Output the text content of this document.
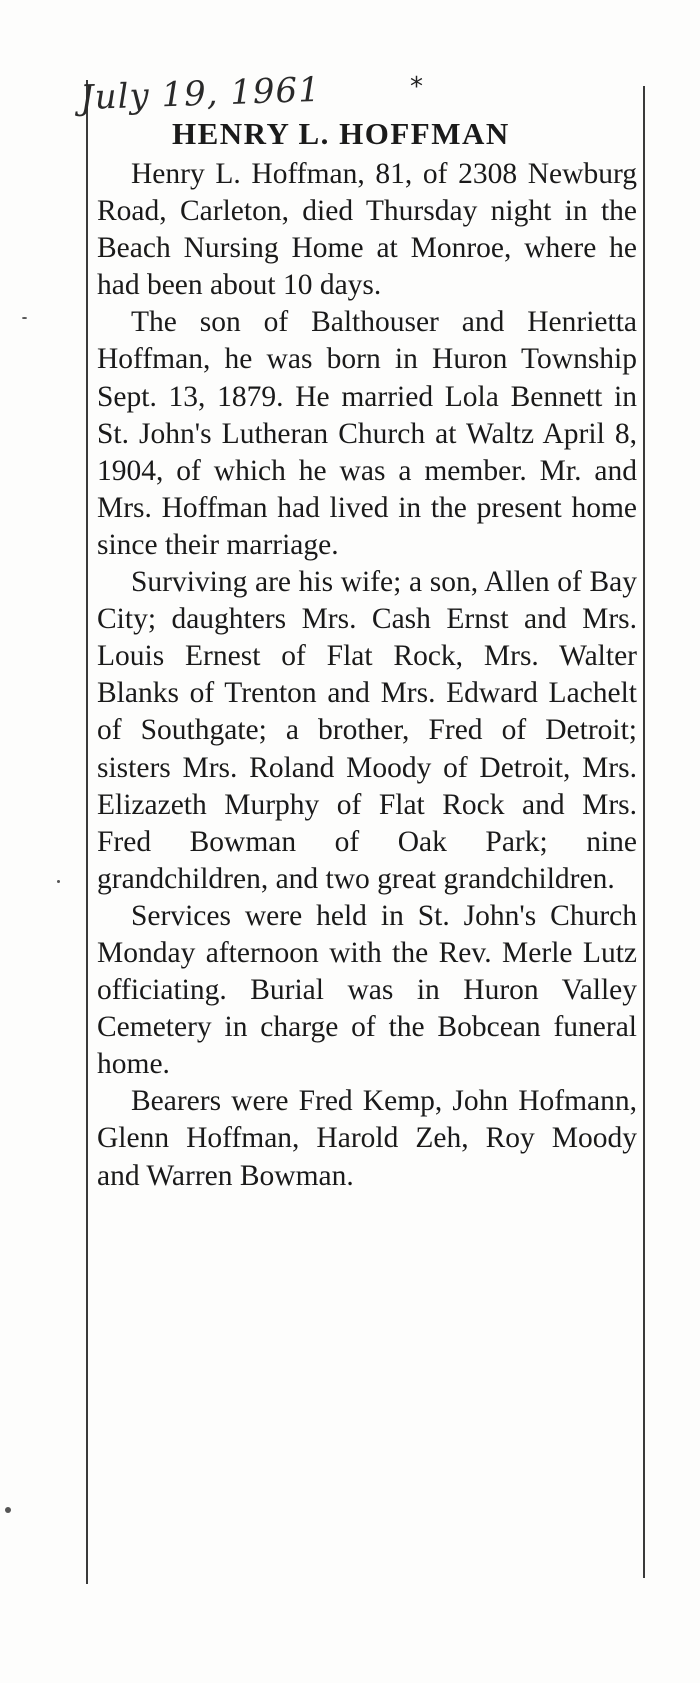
July 19, 1961	*
HENRY L. HOFFMAN

Henry L. Hoffman, 81, of 2308 Newburg Road, Carleton, died Thursday night in the Beach Nursing Home at Monroe, where he had been about 10 days.

The son of Balthouser and Henrietta Hoffman, he was born in Huron Township Sept. 13, 1879. He married Lola Bennett in St. John's Lutheran Church at Waltz April 8, 1904, of which he was a member. Mr. and Mrs. Hoffman had lived in the present home since their marriage.

Surviving are his wife; a son, Allen of Bay City; daughters Mrs. Cash Ernst and Mrs. Louis Ernest of Flat Rock, Mrs. Walter Blanks of Trenton and Mrs. Edward Lachelt of Southgate; a brother, Fred of Detroit; sisters Mrs. Roland Moody of Detroit, Mrs. Elizazeth Murphy of Flat Rock and Mrs. Fred Bowman of Oak Park; nine grandchildren, and two great grandchildren.

Services were held in St. John's Church Monday afternoon with the Rev. Merle Lutz officiating. Burial was in Huron Valley Cemetery in charge of the Bobcean funeral home.

Bearers were Fred Kemp, John Hofmann, Glenn Hoffman, Harold Zeh, Roy Moody and Warren Bowman.
